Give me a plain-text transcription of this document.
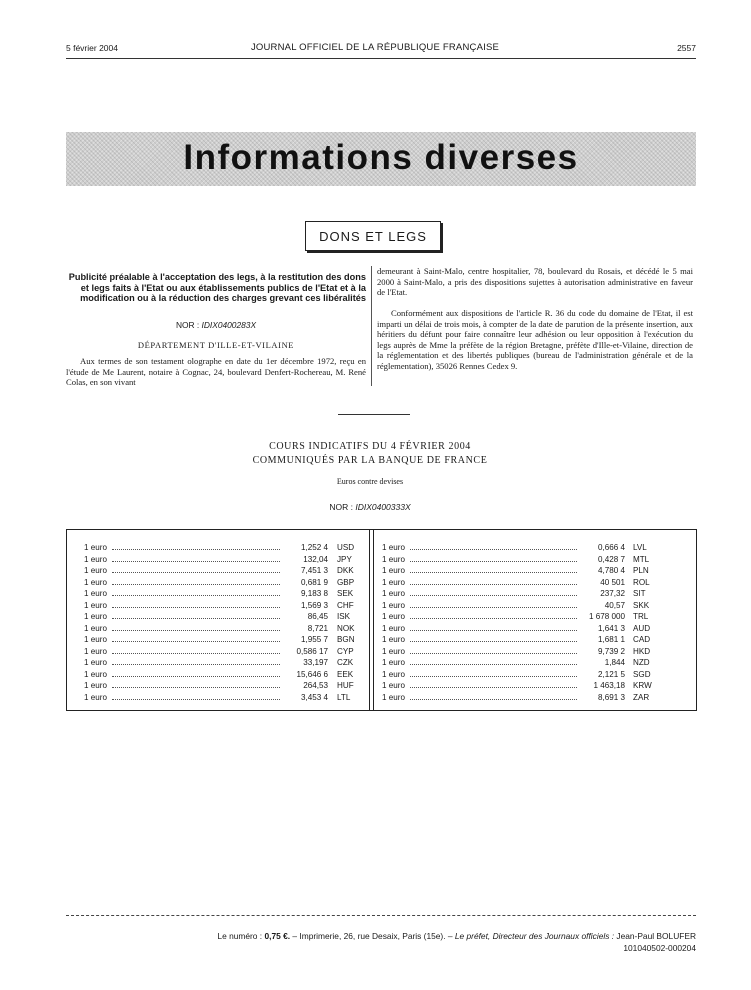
5 février 2004	JOURNAL OFFICIEL DE LA RÉPUBLIQUE FRANÇAISE	2557
Informations diverses
DONS ET LEGS
Publicité préalable à l'acceptation des legs, à la restitution des dons et legs faits à l'Etat ou aux établissements publics de l'Etat et à la modification ou à la réduction des charges grevant ces libéralités
NOR : IDIX0400283X
DÉPARTEMENT D'ILLE-ET-VILAINE
Aux termes de son testament olographe en date du 1er décembre 1972, reçu en l'étude de Me Laurent, notaire à Cognac, 24, boulevard Denfert-Rochereau, M. René Colas, en son vivant
demeurant à Saint-Malo, centre hospitalier, 78, boulevard du Rosais, et décédé le 5 mai 2000 à Saint-Malo, a pris des dispositions sujettes à autorisation administrative en faveur de l'Etat.
Conformément aux dispositions de l'article R. 36 du code du domaine de l'Etat, il est imparti un délai de trois mois, à compter de la date de parution de la présente insertion, aux héritiers du défunt pour faire connaître leur adhésion ou leur opposition à l'exécution du legs auprès de Mme la préfète de la région Bretagne, préfète d'Ille-et-Vilaine, direction de la réglementation et des libertés publiques (bureau de l'administration générale et de la réglementation), 35026 Rennes Cedex 9.
COURS INDICATIFS DU 4 FÉVRIER 2004
COMMUNIQUÉS PAR LA BANQUE DE FRANCE
Euros contre devises
NOR : IDIX0400333X
1 euro	1,252 4 USD
1 euro	132,04 JPY
1 euro	7,451 3 DKK
1 euro	0,681 9 GBP
1 euro	9,183 8 SEK
1 euro	1,569 3 CHF
1 euro	86,45 ISK
1 euro	8,721 NOK
1 euro	1,955 7 BGN
1 euro	0,586 17 CYP
1 euro	33,197 CZK
1 euro	15,646 6 EEK
1 euro	264,53 HUF
1 euro	3,453 4 LTL
1 euro	0,666 4 LVL
1 euro	0,428 7 MTL
1 euro	4,780 4 PLN
1 euro	40 501 ROL
1 euro	237,32 SIT
1 euro	40,57 SKK
1 euro	1 678 000 TRL
1 euro	1,641 3 AUD
1 euro	1,681 1 CAD
1 euro	9,739 2 HKD
1 euro	1,844 NZD
1 euro	2,121 5 SGD
1 euro	1 463,18 KRW
1 euro	8,691 3 ZAR
Le numéro : 0,75 €. – Imprimerie, 26, rue Desaix, Paris (15e). – Le préfet, Directeur des Journaux officiels : Jean-Paul BOLUFER
101040502-000204
